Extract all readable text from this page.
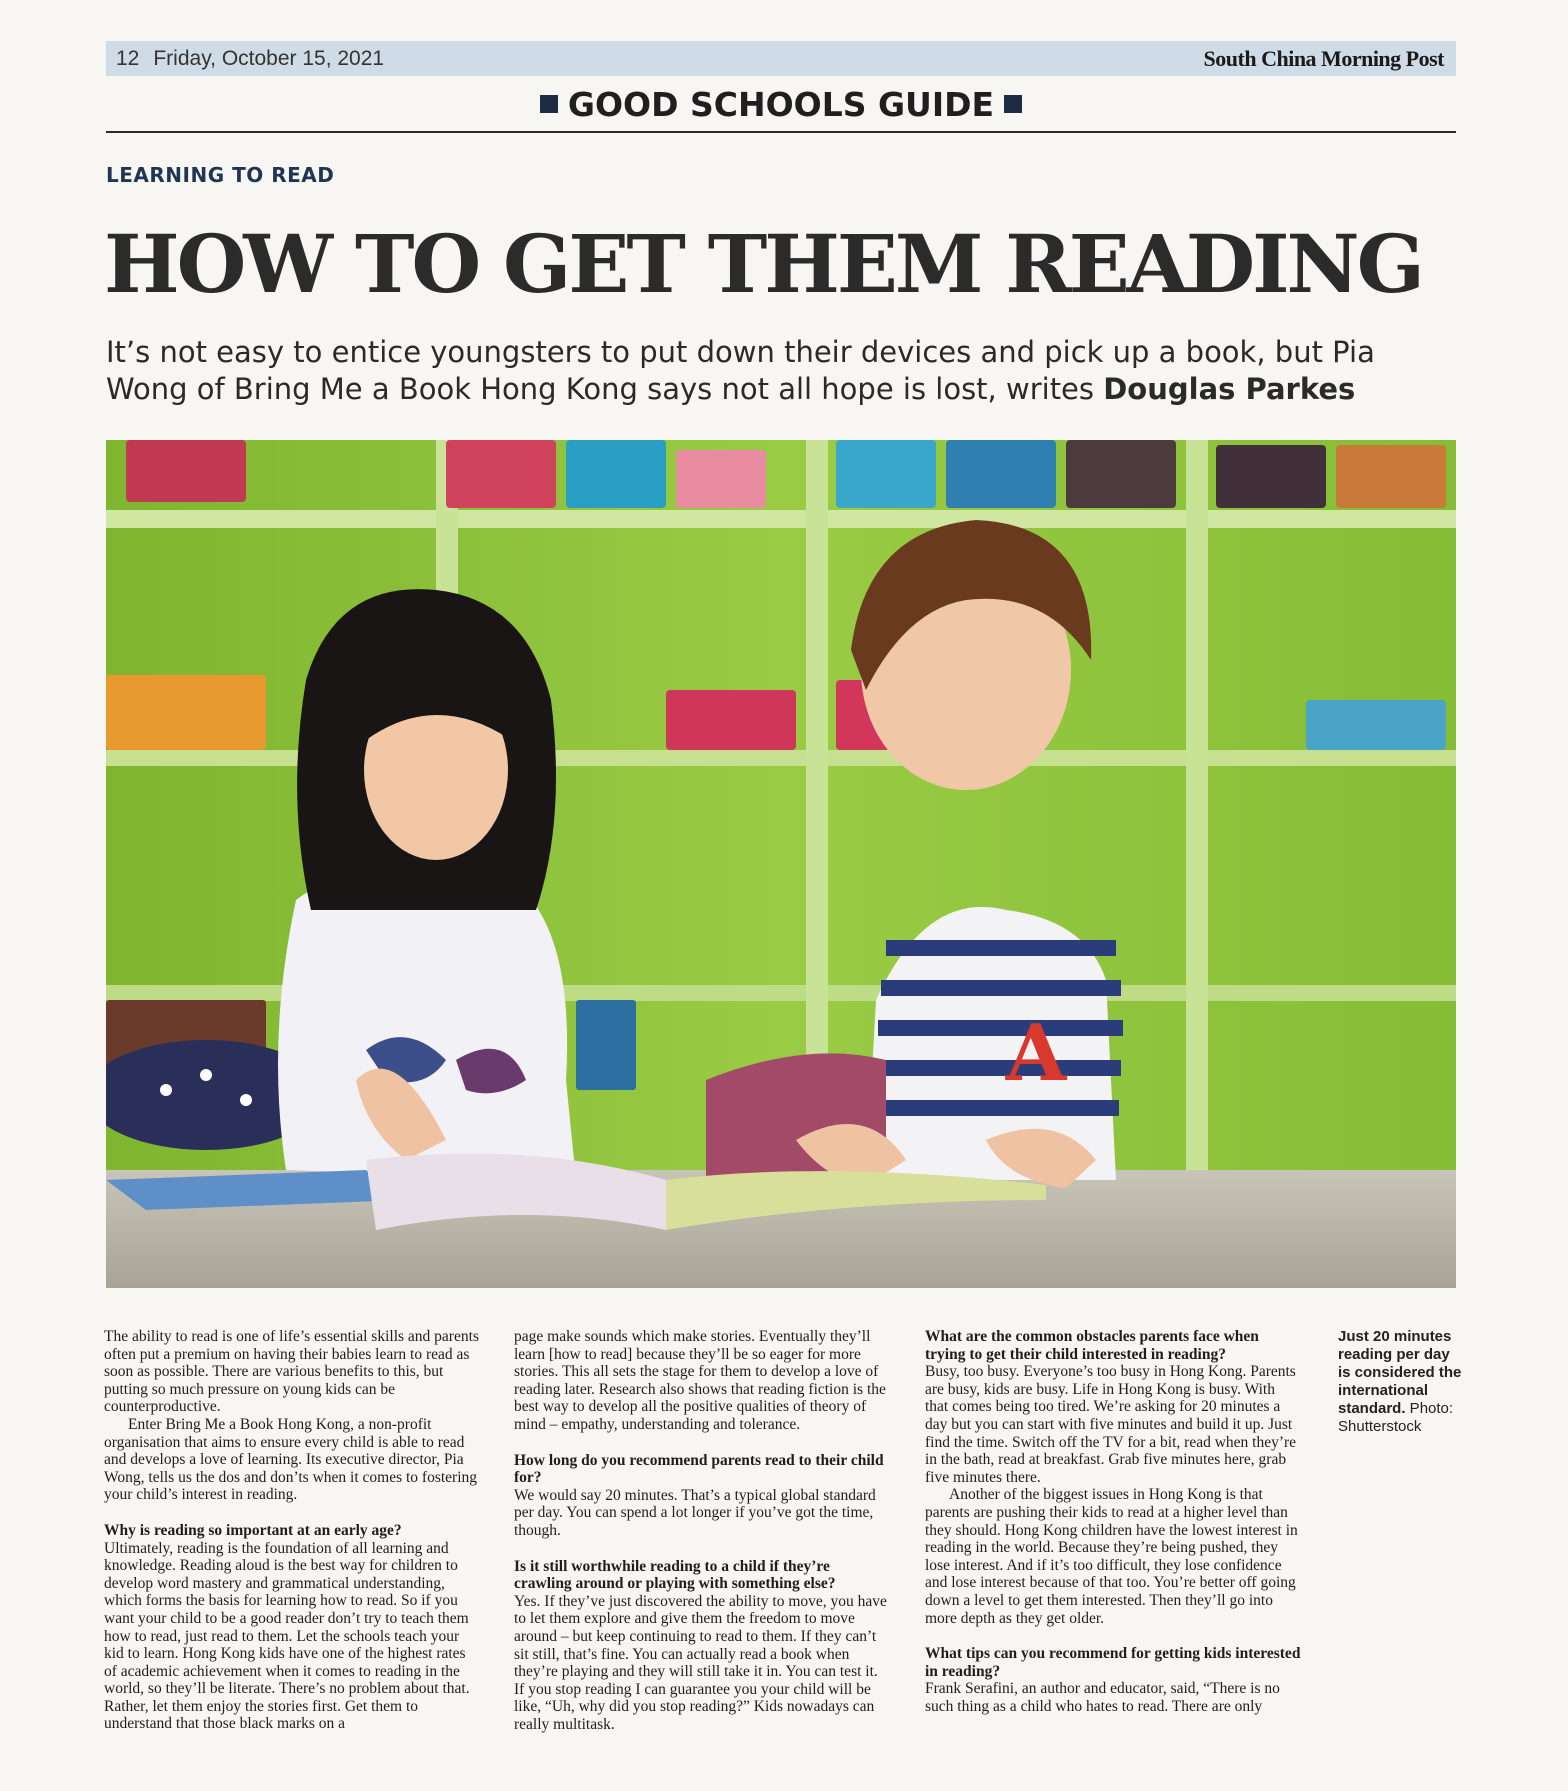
12 Friday, October 15, 2021	South China Morning Post
GOOD SCHOOLS GUIDE
LEARNING TO READ
HOW TO GET THEM READING
It’s not easy to entice youngsters to put down their devices and pick up a book, but Pia Wong of Bring Me a Book Hong Kong says not all hope is lost, writes Douglas Parkes
A

The ability to read is one of life’s essential skills and parents often put a premium on having their babies learn to read as soon as possible. There are various benefits to this, but putting so much pressure on young kids can be counterproductive.

Enter Bring Me a Book Hong Kong, a non-profit organisation that aims to ensure every child is able to read and develops a love of learning. Its executive director, Pia Wong, tells us the dos and don’ts when it comes to fostering your child’s interest in reading.

Why is reading so important at an early age?

Ultimately, reading is the foundation of all learning and knowledge. Reading aloud is the best way for children to develop word mastery and grammatical understanding, which forms the basis for learning how to read. So if you want your child to be a good reader don’t try to teach them how to read, just read to them. Let the schools teach your kid to learn. Hong Kong kids have one of the highest rates of academic achievement when it comes to reading in the world, so they’ll be literate. There’s no problem about that. Rather, let them enjoy the stories first. Get them to understand that those black marks on a

page make sounds which make stories. Eventually they’ll learn [how to read] because they’ll be so eager for more stories. This all sets the stage for them to develop a love of reading later. Research also shows that reading fiction is the best way to develop all the positive qualities of theory of mind – empathy, understanding and tolerance.

How long do you recommend parents read to their child for?

We would say 20 minutes. That’s a typical global standard per day. You can spend a lot longer if you’ve got the time, though.

Is it still worthwhile reading to a child if they’re crawling around or playing with something else?

Yes. If they’ve just discovered the ability to move, you have to let them explore and give them the freedom to move around – but keep continuing to read to them. If they can’t sit still, that’s fine. You can actually read a book when they’re playing and they will still take it in. You can test it. If you stop reading I can guarantee you your child will be like, “Uh, why did you stop reading?” Kids nowadays can really multitask.

What are the common obstacles parents face when trying to get their child interested in reading?

Busy, too busy. Everyone’s too busy in Hong Kong. Parents are busy, kids are busy. Life in Hong Kong is busy. With that comes being too tired. We’re asking for 20 minutes a day but you can start with five minutes and build it up. Just find the time. Switch off the TV for a bit, read when they’re in the bath, read at breakfast. Grab five minutes here, grab five minutes there.

Another of the biggest issues in Hong Kong is that parents are pushing their kids to read at a higher level than they should. Hong Kong children have the lowest interest in reading in the world. Because they’re being pushed, they lose interest. And if it’s too difficult, they lose confidence and lose interest because of that too. You’re better off going down a level to get them interested. Then they’ll go into more depth as they get older.

What tips can you recommend for getting kids interested in reading?

Frank Serafini, an author and educator, said, “There is no such thing as a child who hates to read. There are only

Just 20 minutes reading per day is considered the international standard. Photo: Shutterstock
